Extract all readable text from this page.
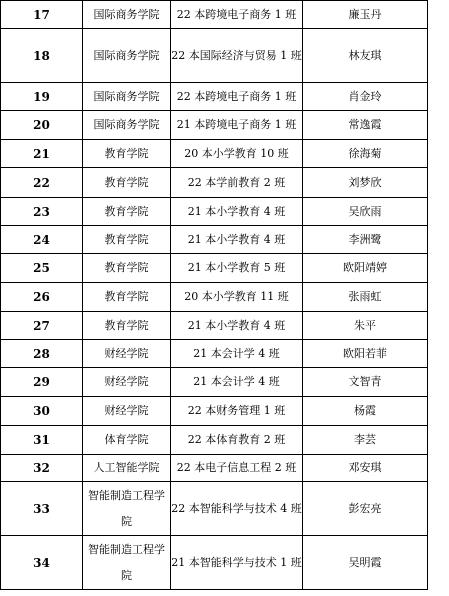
17	国际商务学院	22 本跨境电子商务 1 班	廉玉丹
18	国际商务学院	22 本国际经济与贸易 1 班	林友琪
19	国际商务学院	22 本跨境电子商务 1 班	肖金玲
20	国际商务学院	21 本跨境电子商务 1 班	常逸霞
21	教育学院	20 本小学教育 10 班	徐海菊
22	教育学院	22 本学前教育 2 班	刘梦欣
23	教育学院	21 本小学教育 4 班	吴欣雨
24	教育学院	21 本小学教育 4 班	李洲鹭
25	教育学院	21 本小学教育 5 班	欧阳靖婷
26	教育学院	20 本小学教育 11 班	张雨虹
27	教育学院	21 本小学教育 4 班	朱平
28	财经学院	21 本会计学 4 班	欧阳若菲
29	财经学院	21 本会计学 4 班	文智青
30	财经学院	22 本财务管理 1 班	杨霞
31	体育学院	22 本体育教育 2 班	李芸
32	人工智能学院	22 本电子信息工程 2 班	邓安琪
33	智能制造工程学院	22 本智能科学与技术 4 班	彭宏亮
34	智能制造工程学院	21 本智能科学与技术 1 班	吴明霞
